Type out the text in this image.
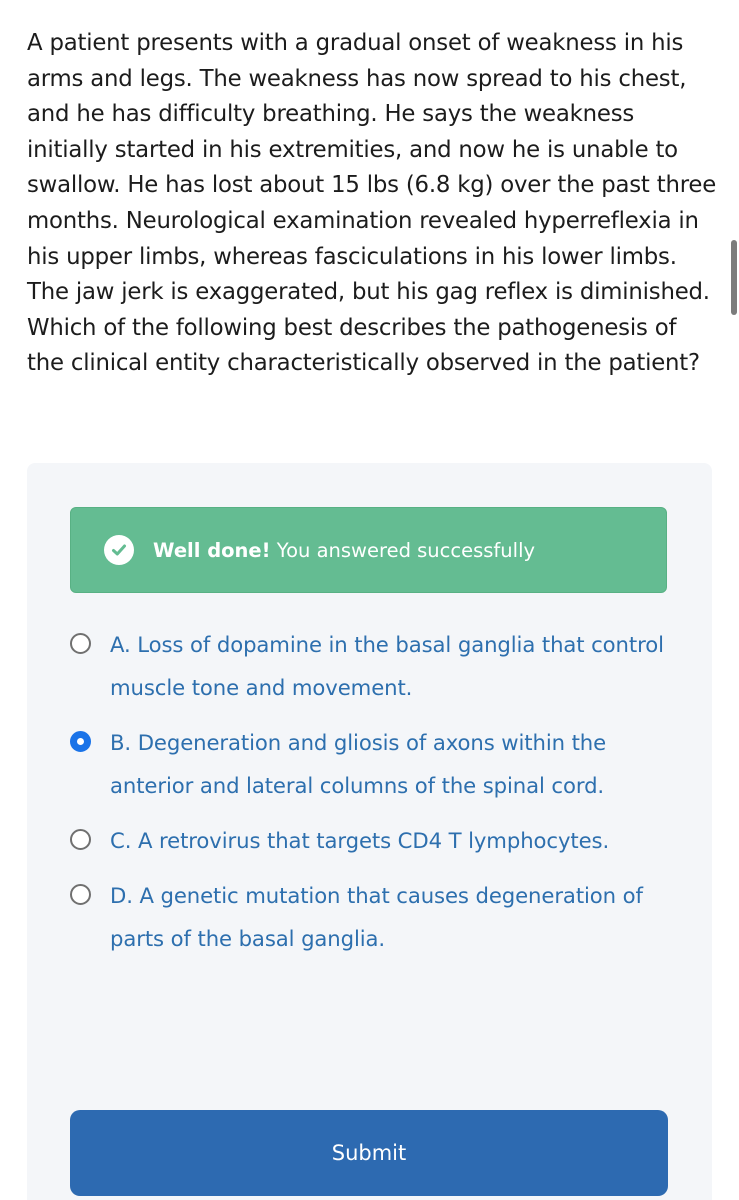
A patient presents with a gradual onset of weakness in his arms and legs. The weakness has now spread to his chest, and he has difficulty breathing. He says the weakness initially started in his extremities, and now he is unable to swallow. He has lost about 15 lbs (6.8 kg) over the past three months. Neurological examination revealed hyperreflexia in his upper limbs, whereas fasciculations in his lower limbs. The jaw jerk is exaggerated, but his gag reflex is diminished. Which of the following best describes the pathogenesis of the clinical entity characteristically observed in the patient?

Well done! You answered successfully
A. Loss of dopamine in the basal ganglia that control muscle tone and movement.
B. Degeneration and gliosis of axons within the anterior and lateral columns of the spinal cord.
C. A retrovirus that targets CD4 T lymphocytes.
D. A genetic mutation that causes degeneration of parts of the basal ganglia.
Submit
